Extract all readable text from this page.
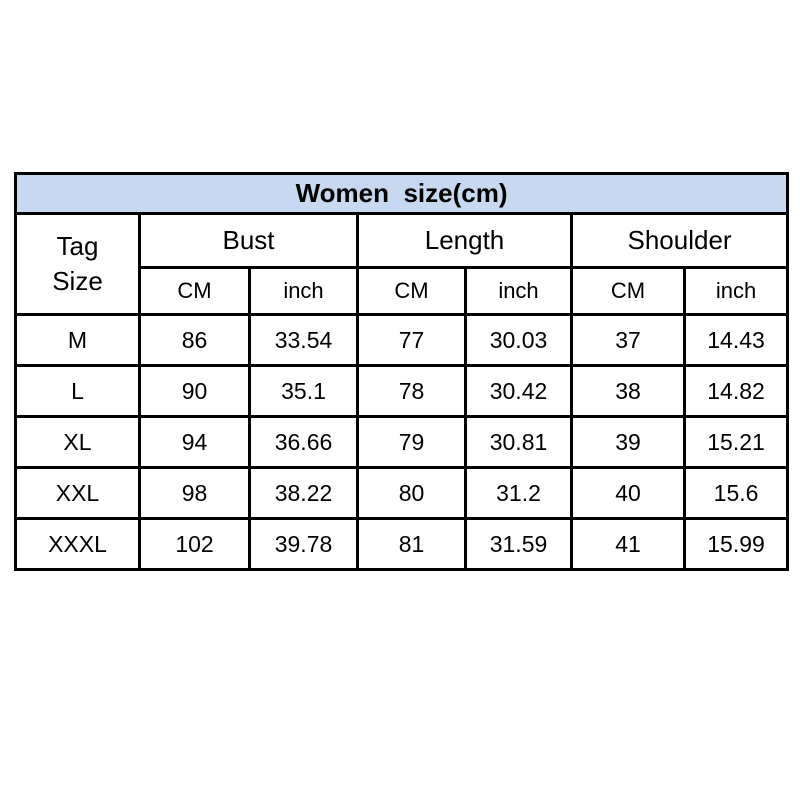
Women  size(cm)						

Tag
Size	Bust		Length		Shoulder	
	CM	inch	CM	inch	CM	inch
M	86	33.54	77	30.03	37	14.43
L	90	35.1	78	30.42	38	14.82
XL	94	36.66	79	30.81	39	15.21
XXL	98	38.22	80	31.2	40	15.6
XXXL	102	39.78	81	31.59	41	15.99
